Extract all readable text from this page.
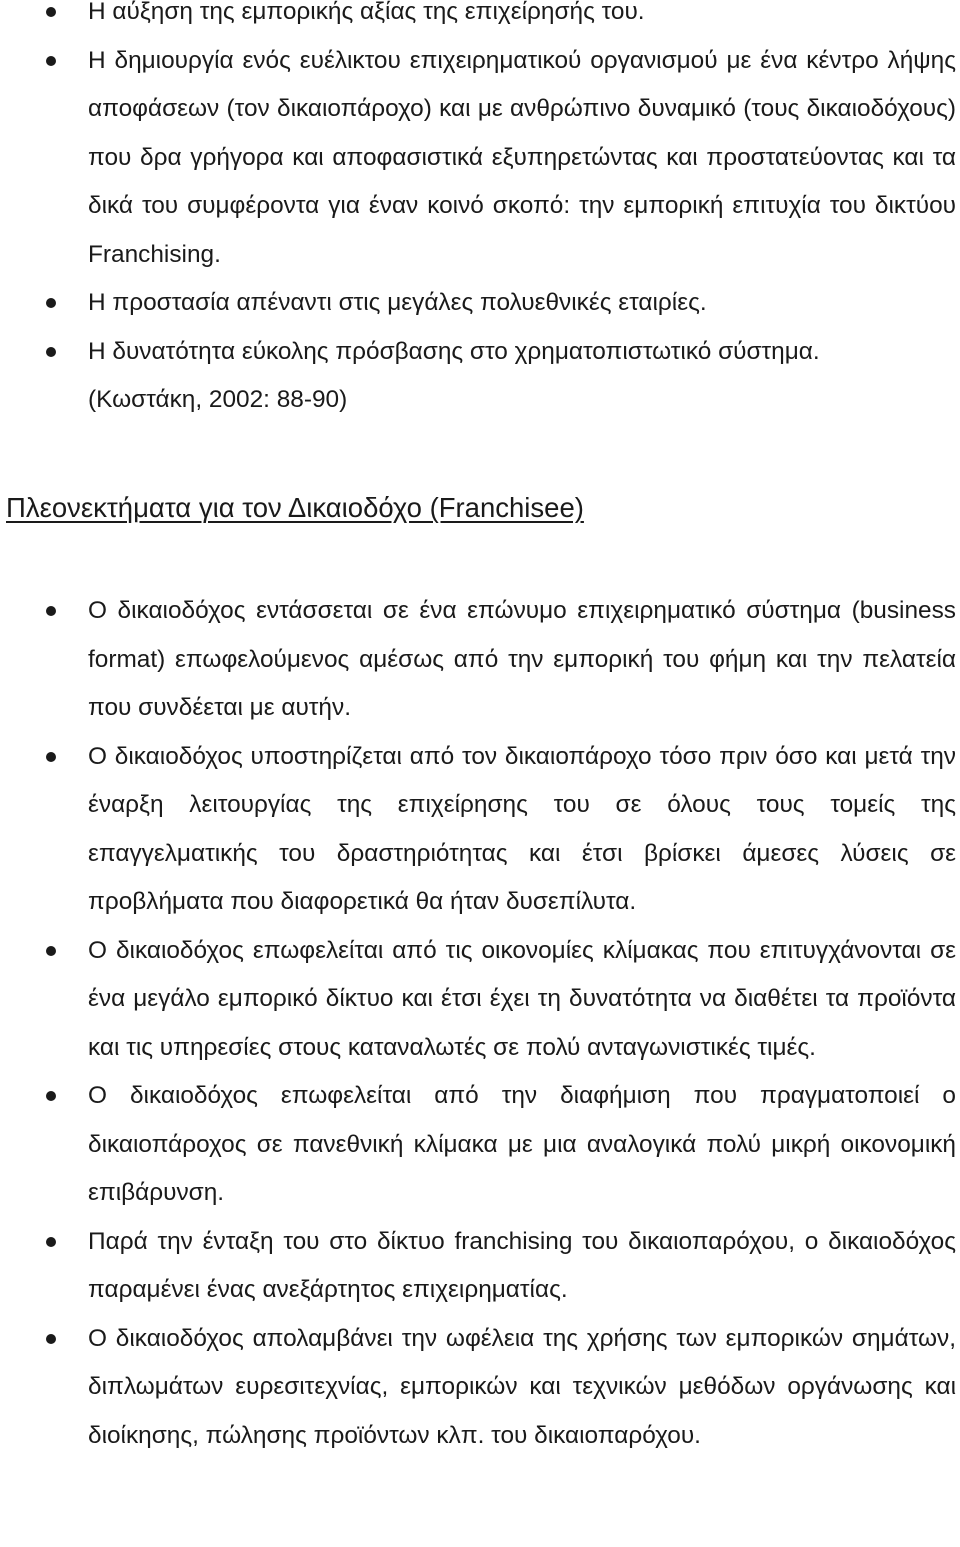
Η αύξηση της εμπορικής αξίας της επιχείρησής του.
Η δημιουργία ενός ευέλικτου επιχειρηματικού οργανισμού με ένα κέντρο λήψης αποφάσεων (τον δικαιοπάροχο) και με ανθρώπινο δυναμικό (τους δικαιοδόχους) που δρα γρήγορα και αποφασιστικά εξυπηρετώντας και προστατεύοντας και τα δικά του συμφέροντα για έναν κοινό σκοπό: την εμπορική επιτυχία του δικτύου Franchising.
Η προστασία απέναντι στις μεγάλες πολυεθνικές εταιρίες.
Η δυνατότητα εύκολης πρόσβασης στο χρηματοπιστωτικό σύστημα.
(Κωστάκη, 2002: 88-90)
Πλεονεκτήματα για τον Δικαιοδόχο (Franchisee)
Ο δικαιοδόχος εντάσσεται σε ένα επώνυμο επιχειρηματικό σύστημα (business format) επωφελούμενος αμέσως από την εμπορική του φήμη και την πελατεία που συνδέεται με αυτήν.
Ο δικαιοδόχος υποστηρίζεται από τον δικαιοπάροχο τόσο πριν όσο και μετά την έναρξη λειτουργίας της επιχείρησης του σε όλους τους τομείς της επαγγελματικής του δραστηριότητας και έτσι βρίσκει άμεσες λύσεις σε προβλήματα που διαφορετικά θα ήταν δυσεπίλυτα.
Ο δικαιοδόχος επωφελείται από τις οικονομίες κλίμακας που επιτυγχάνονται σε ένα μεγάλο εμπορικό δίκτυο και έτσι έχει τη δυνατότητα να διαθέτει τα προϊόντα και τις υπηρεσίες στους καταναλωτές σε πολύ ανταγωνιστικές τιμές.
Ο δικαιοδόχος επωφελείται από την διαφήμιση που πραγματοποιεί ο δικαιοπάροχος σε πανεθνική κλίμακα με μια αναλογικά πολύ μικρή οικονομική επιβάρυνση.
Παρά την ένταξη του στο δίκτυο franchising του δικαιοπαρόχου, ο δικαιοδόχος παραμένει ένας ανεξάρτητος επιχειρηματίας.
Ο δικαιοδόχος απολαμβάνει την ωφέλεια της χρήσης των εμπορικών σημάτων, διπλωμάτων ευρεσιτεχνίας, εμπορικών και τεχνικών μεθόδων οργάνωσης και διοίκησης, πώλησης προϊόντων κλπ. του δικαιοπαρόχου.
